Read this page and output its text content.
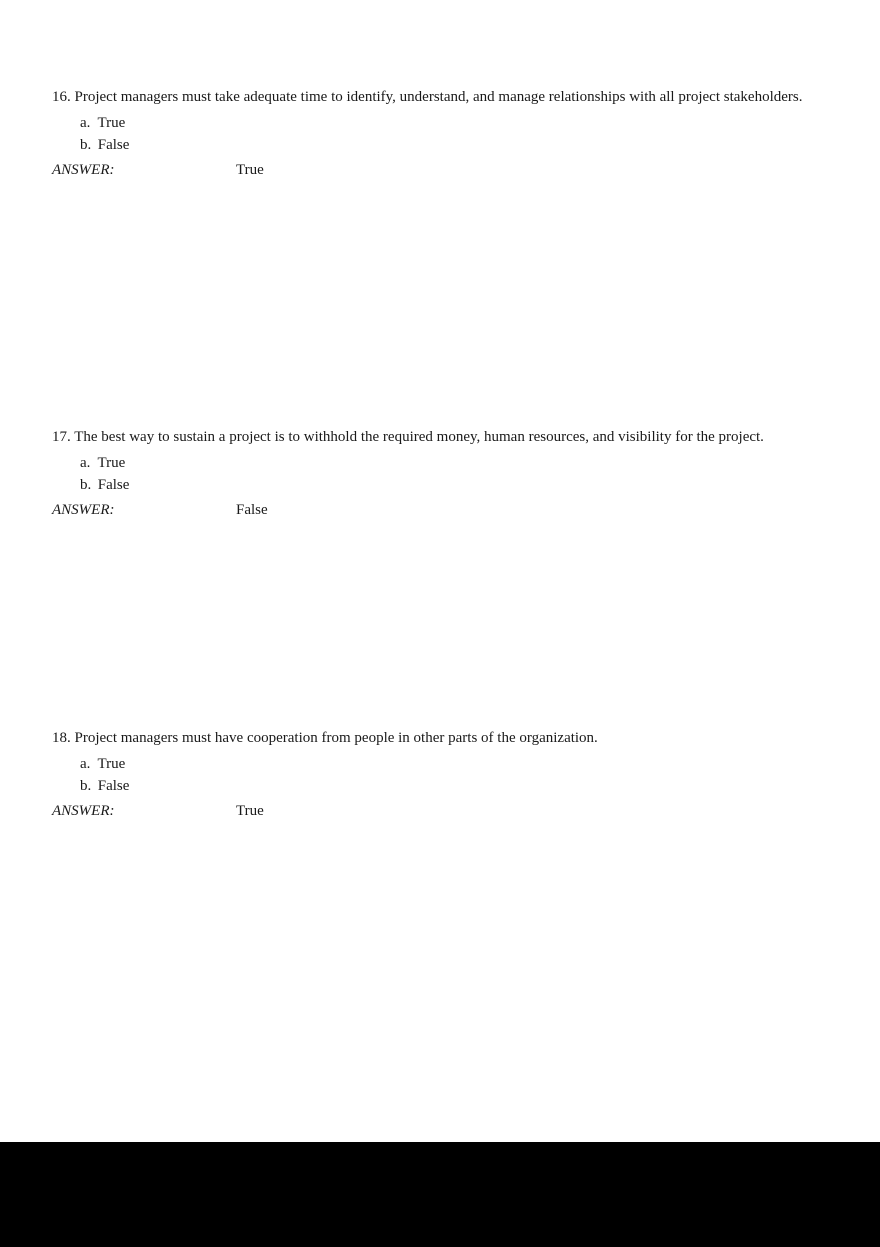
16. Project managers must take adequate time to identify, understand, and manage relationships with all project stakeholders.
a. True
b. False
ANSWER:	True
17. The best way to sustain a project is to withhold the required money, human resources, and visibility for the project.
a. True
b. False
ANSWER:	False
18. Project managers must have cooperation from people in other parts of the organization.
a. True
b. False
ANSWER:	True
